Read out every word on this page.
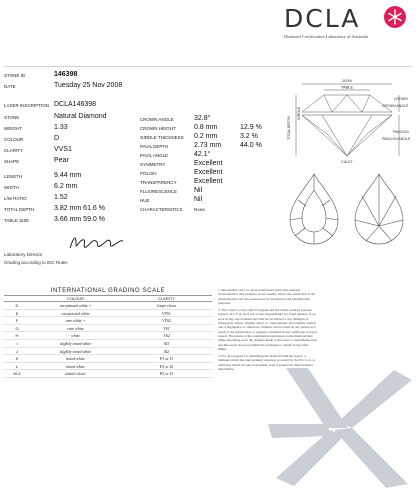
DCLA
Diamond Certification Laboratory of Australia
STONE ID	146398
DATE	Tuesday 25 Nov 2008
LASER INSCRIPTION DCLA146398
STONE	Natural Diamond
WEIGHT	1.33
COLOUR	D
CLARITY	VVS1
SHAPE	Pear
LENGTH	9.44 mm
WIDTH	6.2 mm
L/W RATIO	1.52
TOTAL DEPTH	3.82 mm 61.6 %
TABLE SIZE	3.66 mm 59.0 %
CROWN ANGLE	32.8°
CROWN HEIGHT	0.8 mm	12.9 %
GIRDLE THICKNESS 0.2 mm	3.2 %
PAVIL DEPTH	2.73 mm	44.0 %
PAVIL ANGLE	42.1°
SYMMETRY	Excellent
POLISH	Excellent
TRANSPARENCY Excellent
FLUORESCENCE Nil
HUE	Nil
CHARACTERISTICS	None
100%
TABLE
CROWN
CROWN ANGLE
TOTAL DEPTH
GIRDLE
PAVILION
PAVILION ANGLE
CULET
Laboratory Director
Grading according to IDC Rules
INTERNATIONAL GRADING SCALE
COLOUR	CLARITY
D	exceptional white +	loupe clean
E	exceptional white	VVS1
F	rare white +	VVS2
G	rare white	VS1
H	white	VS2
I	slightly tinted white	SI1
J	slightly tinted white	SI2
K	tinted white	P1 or I1
L	tinted white	P2 or I2
M-Z	tinted colour	P3 or I3

1. Bed notable refer to: exceed and future particular external characteristics. The products do not usually reflect the actual size of the characteristics and have been used for description and identification purposes.

2. This report is only valid if original and has all the security features present. D.C.L.A. does not accept responsibility for fraud, misuse, or an error in any report issued and will not be liable for any damages of whatsoever nature, whether direct or consequential, and whether arising out of negligence or otherwise. Without can be relied on any person as a result of the information or opinions contained in any certificate or report issued. The results of the examination performed on the diamond may differ depending upon the changes made to the stone or instruments used and this report does not enable the purchaser to obtain strong other things.

3. For all purposes for identifying the diamond with the report, a diamond which has appropriately attention or sealed by the D.C.L.A. or otherwise which become reasonable, even if present its characteristics identifiable.
